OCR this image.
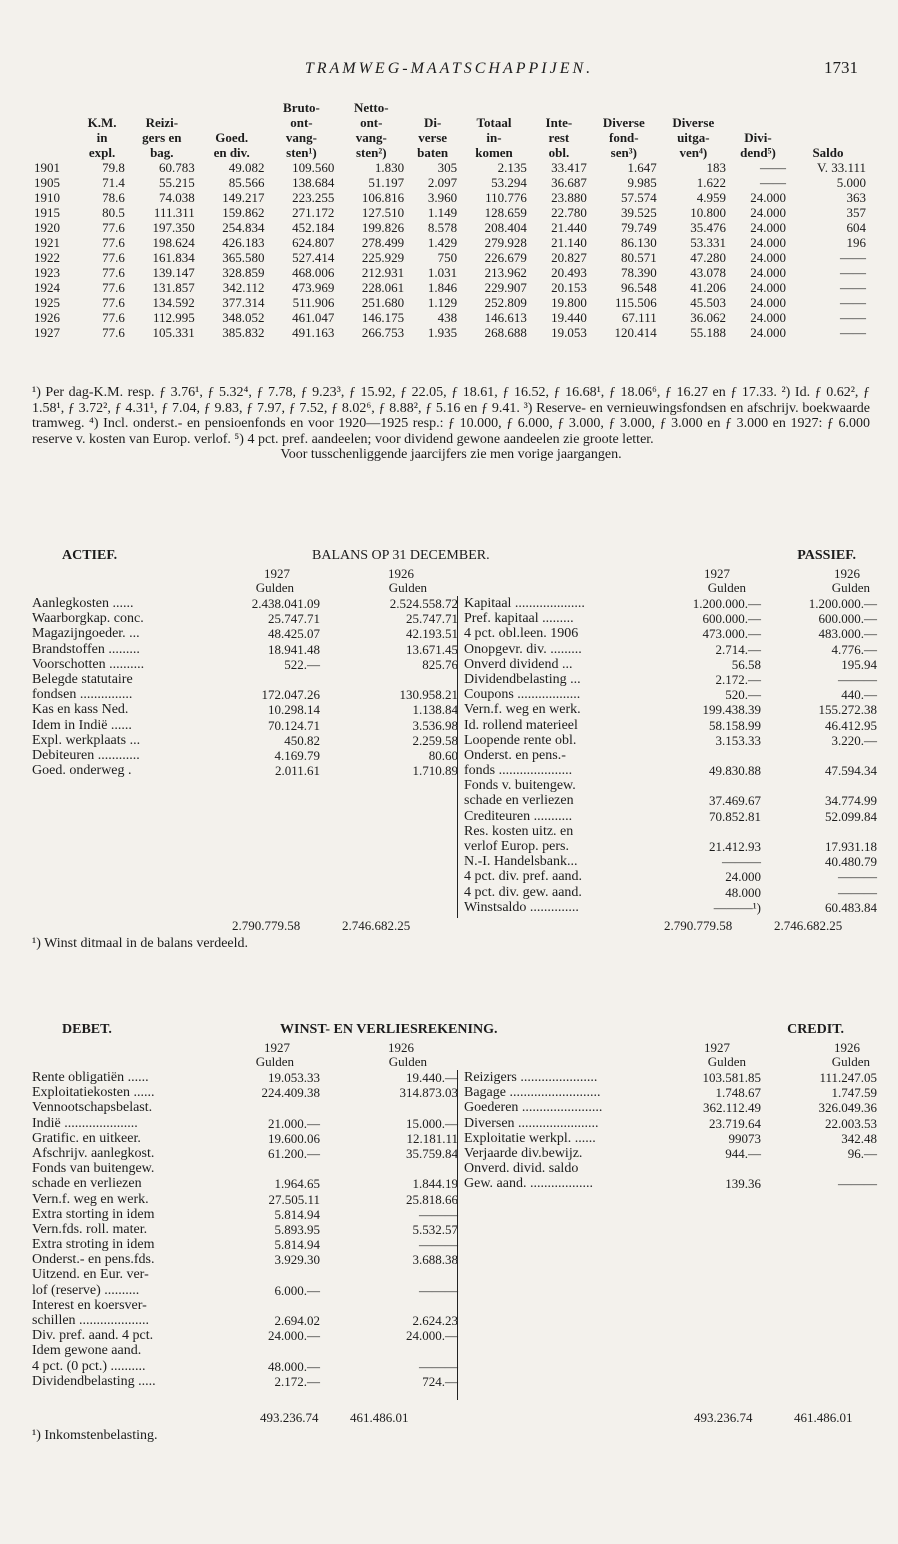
TRAMWEG-MAATSCHAPPIJEN.	1731
	K.M.
in
expl.	Reizi-
gers en
bag.	Goed.
en div.	Bruto-
ont-
vang-
sten¹)	Netto-
ont-
vang-
sten²)	Di-
verse
baten	Totaal
in-
komen	Inte-
rest
obl.	Diverse
fond-
sen³)	Diverse
uitga-
ven⁴)	Divi-
dend⁵)	Saldo
1901	79.8	60.783	49.082	109.560	1.830	305	2.135	33.417	1.647	183	——	V. 33.111
1905	71.4	55.215	85.566	138.684	51.197	2.097	53.294	36.687	9.985	1.622	——	5.000
1910	78.6	74.038	149.217	223.255	106.816	3.960	110.776	23.880	57.574	4.959	24.000	363
1915	80.5	111.311	159.862	271.172	127.510	1.149	128.659	22.780	39.525	10.800	24.000	357
1920	77.6	197.350	254.834	452.184	199.826	8.578	208.404	21.440	79.749	35.476	24.000	604
1921	77.6	198.624	426.183	624.807	278.499	1.429	279.928	21.140	86.130	53.331	24.000	196
1922	77.6	161.834	365.580	527.414	225.929	750	226.679	20.827	80.571	47.280	24.000	——
1923	77.6	139.147	328.859	468.006	212.931	1.031	213.962	20.493	78.390	43.078	24.000	——
1924	77.6	131.857	342.112	473.969	228.061	1.846	229.907	20.153	96.548	41.206	24.000	——
1925	77.6	134.592	377.314	511.906	251.680	1.129	252.809	19.800	115.506	45.503	24.000	——
1926	77.6	112.995	348.052	461.047	146.175	438	146.613	19.440	67.111	36.062	24.000	——
1927	77.6	105.331	385.832	491.163	266.753	1.935	268.688	19.053	120.414	55.188	24.000	——

¹) Per dag-K.M. resp. ƒ 3.76¹, ƒ 5.32⁴, ƒ 7.78, ƒ 9.23³, ƒ 15.92, ƒ 22.05, ƒ 18.61, ƒ 16.52, ƒ 16.68¹, ƒ 18.06⁶, ƒ 16.27 en ƒ 17.33. ²) Id. ƒ 0.62², ƒ 1.58¹, ƒ 3.72², ƒ 4.31¹, ƒ 7.04, ƒ 9.83, ƒ 7.97, ƒ 7.52, ƒ 8.02⁶, ƒ 8.88², ƒ 5.16 en ƒ 9.41. ³) Reserve- en vernieuwingsfondsen en afschrijv. boekwaarde tramweg. ⁴) Incl. onderst.- en pensioenfonds en voor 1920—1925 resp.: ƒ 10.000, ƒ 6.000, ƒ 3.000, ƒ 3.000, ƒ 3.000 en ƒ 3.000 en 1927: ƒ 6.000 reserve v. kosten van Europ. verlof. ⁵) 4 pct. pref. aandeelen; voor dividend gewone aandeelen zie groote letter.

Voor tusschenliggende jaarcijfers zie men vorige jaargangen.

ACTIEF.	BALANS OP 31 DECEMBER.	PASSIEF.
1927	1926
Gulden	Gulden
1927	1926
Gulden	Gulden
Aanlegkosten ......	2.438.041.09	2.524.558.72
Waarborgkap. conc.	25.747.71	25.747.71
Magazijngoeder. ...	48.425.07	42.193.51
Brandstoffen .........	18.941.48	13.671.45
Voorschotten ..........	522.—	825.76
Belegde statutaire
fondsen ...............	172.047.26	130.958.21
Kas en kass Ned.	10.298.14	1.138.84
Idem in Indië ......	70.124.71	3.536.98
Expl. werkplaats ...	450.82	2.259.58
Debiteuren ............	4.169.79	80.60
Goed. onderweg .	2.011.61	1.710.89
Kapitaal ....................	1.200.000.—	1.200.000.—
Pref. kapitaal .........	600.000.—	600.000.—
4 pct. obl.leen. 1906	473.000.—	483.000.—
Onopgevr. div. .........	2.714.—	4.776.—
Onverd dividend ...	56.58	195.94
Dividendbelasting ...	2.172.—	———
Coupons ..................	520.—	440.—
Vern.f. weg en werk.	199.438.39	155.272.38
Id. rollend materieel	58.158.99	46.412.95
Loopende rente obl.	3.153.33	3.220.—
Onderst. en pens.-
fonds .....................	49.830.88	47.594.34
Fonds v. buitengew.
schade en verliezen	37.469.67	34.774.99
Crediteuren ...........	70.852.81	52.099.84
Res. kosten uitz. en
verlof Europ. pers.	21.412.93	17.931.18
N.-I. Handelsbank...	———	40.480.79
4 pct. div. pref. aand.	24.000	———
4 pct. div. gew. aand.	48.000	———
Winstsaldo ..............	———¹)	60.483.84
2.790.779.58	2.746.682.25	2.790.779.58	2.746.682.25

¹) Winst ditmaal in de balans verdeeld.

DEBET.	WINST- EN VERLIESREKENING.	CREDIT.
1927	1926
Gulden	Gulden
1927	1926
Gulden	Gulden
Rente obligatiën ......	19.053.33	19.440.—
Exploitatiekosten ......	224.409.38	314.873.03
Vennootschapsbelast.
Indië .....................	21.000.—	15.000.—
Gratific. en uitkeer.	19.600.06	12.181.11
Afschrijv. aanlegkost.	61.200.—	35.759.84
Fonds van buitengew.
schade en verliezen	1.964.65	1.844.19
Vern.f. weg en werk.	27.505.11	25.818.66
Extra storting in idem	5.814.94	———
Vern.fds. roll. mater.	5.893.95	5.532.57
Extra stroting in idem	5.814.94	———
Onderst.- en pens.fds.	3.929.30	3.688.38
Uitzend. en Eur. ver-
lof (reserve) ..........	6.000.—	———
Interest en koersver-
schillen ....................	2.694.02	2.624.23
Div. pref. aand. 4 pct.	24.000.—	24.000.—
Idem gewone aand.
4 pct. (0 pct.) ..........	48.000.—	———
Dividendbelasting .....	2.172.—	724.—
Reizigers ......................	103.581.85	111.247.05
Bagage ..........................	1.748.67	1.747.59
Goederen .......................	362.112.49	326.049.36
Diversen .......................	23.719.64	22.003.53
Exploitatie werkpl. ......	99073	342.48
Verjaarde div.bewijz.	944.—	96.—
Onverd. divid. saldo
Gew. aand. ..................	139.36	———
493.236.74 461.486.01	493.236.74	461.486.01

¹) Inkomstenbelasting.
